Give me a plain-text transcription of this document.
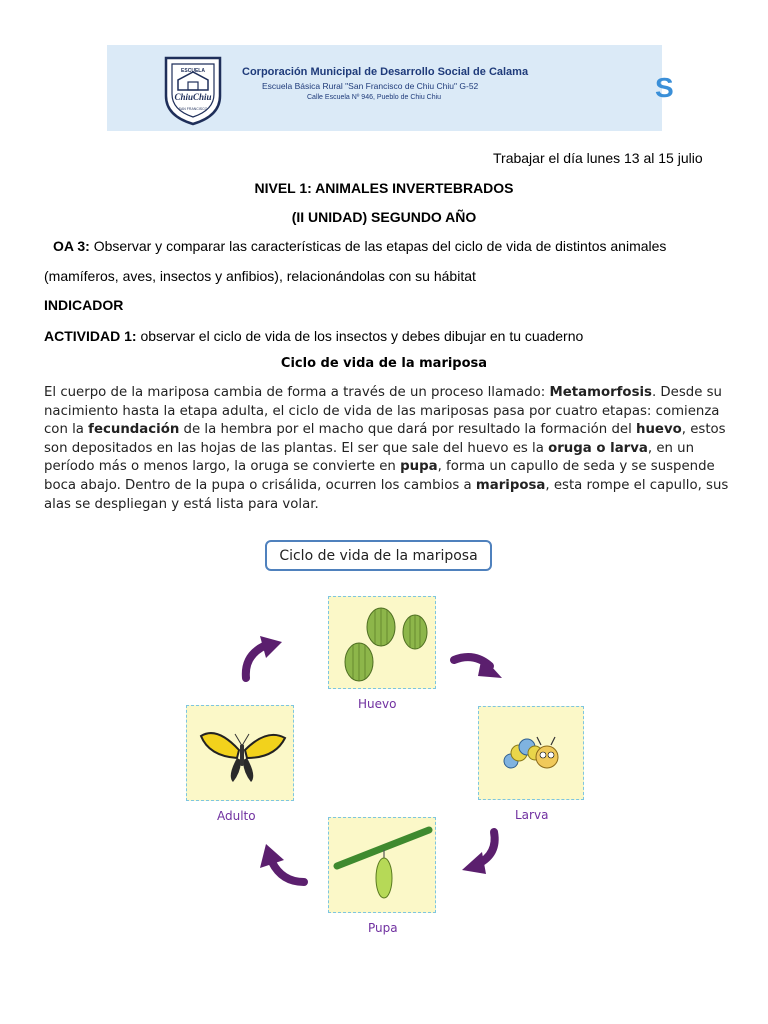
ESCUELA
ChiuChiu
SAN FRANCISCO
Corporación Municipal de Desarrollo Social de Calama
Escuela Básica Rural "San Francisco de Chiu Chiu" G-52
Calle Escuela Nº 946, Pueblo de Chiu Chiu	S
Trabajar el día lunes 13 al 15 julio
NIVEL 1: ANIMALES INVERTEBRADOS
(II UNIDAD) SEGUNDO AÑO
OA 3: Observar y comparar las características de las etapas del ciclo de vida de distintos animales
(mamíferos, aves, insectos y anfibios), relacionándolas con su hábitat
INDICADOR
ACTIVIDAD 1: observar el ciclo de vida de los insectos y debes dibujar en tu cuaderno
Ciclo de vida de la mariposa
El cuerpo de la mariposa cambia de forma a través de un proceso llamado: Metamorfosis. Desde su nacimiento hasta la etapa adulta, el ciclo de vida de las mariposas pasa por cuatro etapas: comienza con la fecundación de la hembra por el macho que dará por resultado la formación del huevo, estos son depositados en las hojas de las plantas. El ser que sale del huevo es la oruga o larva, en un período más o menos largo, la oruga se convierte en pupa, forma un capullo de seda y se suspende boca abajo. Dentro de la pupa o crisálida, ocurren los cambios a mariposa, esta rompe el capullo, sus alas se despliegan y está lista para volar.
Ciclo de vida de la mariposa
Huevo
Larva
Pupa
Adulto
